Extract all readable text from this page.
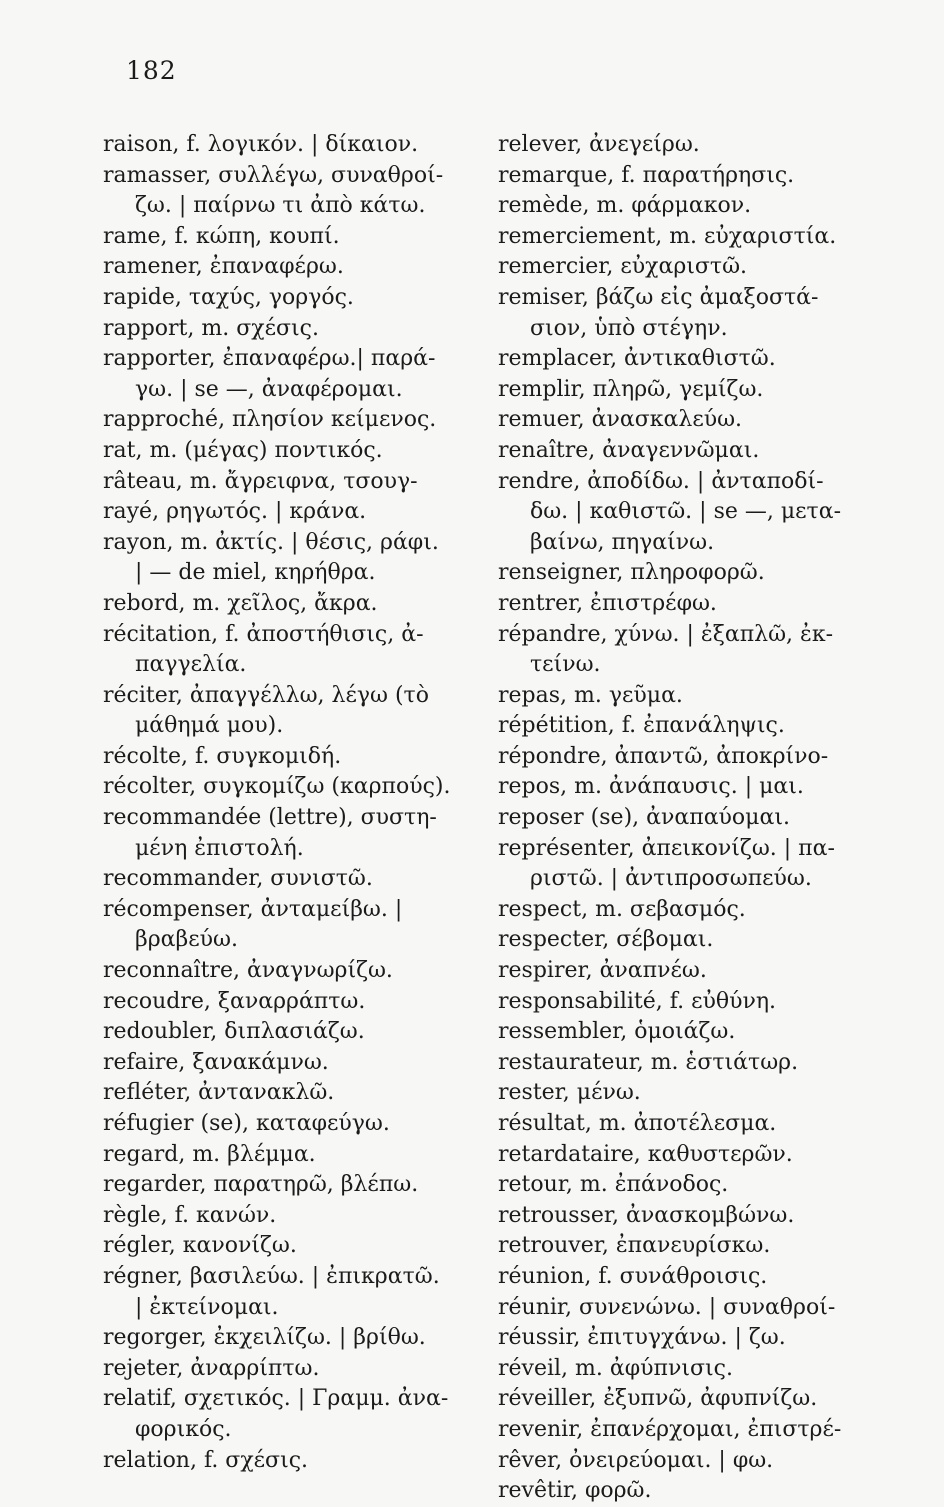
182
raison, f. λογικόν. | δίκαιον.
ramasser, συλλέγω, συναθροί-
ζω. | παίρνω τι ἀπὸ κάτω.
rame, f. κώπη, κουπί.
ramener, ἐπαναφέρω.
rapide, ταχύς, γοργός.
rapport, m. σχέσις.
rapporter, ἐπαναφέρω.| παρά-
γω. | se —, ἀναφέρομαι.
rapproché, πλησίον κείμενος.
rat, m. (μέγας) ποντικός.
râteau, m. ἄγρειφνα, τσουγ-
rayé, ρηγωτός. | κράνα.
rayon, m. ἀκτίς. | θέσις, ράφι.
| — de miel, κηρήθρα.
rebord, m. χεῖλος, ἄκρα.
récitation, f. ἀποστήθισις, ἀ-
παγγελία.
réciter, ἀπαγγέλλω, λέγω (τὸ
μάθημά μου).
récolte, f. συγκομιδή.
récolter, συγκομίζω (καρπούς).
recommandée (lettre), συστη-
μένη ἐπιστολή.
recommander, συνιστῶ.
récompenser, ἀνταμείβω. |
βραβεύω.
reconnaître, ἀναγνωρίζω.
recoudre, ξαναρράπτω.
redoubler, διπλασιάζω.
refaire, ξανακάμνω.
refléter, ἀντανακλῶ.
réfugier (se), καταφεύγω.
regard, m. βλέμμα.
regarder, παρατηρῶ, βλέπω.
règle, f. κανών.
régler, κανονίζω.
régner, βασιλεύω. | ἐπικρατῶ.
| ἐκτείνομαι.
regorger, ἐκχειλίζω. | βρίθω.
rejeter, ἀναρρίπτω.
relatif, σχετικός. | Γραμμ. ἀνα-
φορικός.
relation, f. σχέσις.
relever, ἀνεγείρω.
remarque, f. παρατήρησις.
remède, m. φάρμακον.
remerciement, m. εὐχαριστία.
remercier, εὐχαριστῶ.
remiser, βάζω εἰς ἀμαξοστά-
σιον, ὑπὸ στέγην.
remplacer, ἀντικαθιστῶ.
remplir, πληρῶ, γεμίζω.
remuer, ἀνασκαλεύω.
renaître, ἀναγεννῶμαι.
rendre, ἀποδίδω. | ἀνταποδί-
δω. | καθιστῶ. | se —, μετα-
βαίνω, πηγαίνω.
renseigner, πληροφορῶ.
rentrer, ἐπιστρέφω.
répandre, χύνω. | ἐξαπλῶ, ἐκ-
τείνω.
repas, m. γεῦμα.
répétition, f. ἐπανάληψις.
répondre, ἀπαντῶ, ἀποκρίνο-
repos, m. ἀνάπαυσις. | μαι.
reposer (se), ἀναπαύομαι.
représenter, ἀπεικονίζω. | πα-
ριστῶ. | ἀντιπροσωπεύω.
respect, m. σεβασμός.
respecter, σέβομαι.
respirer, ἀναπνέω.
responsabilité, f. εὐθύνη.
ressembler, ὁμοιάζω.
restaurateur, m. ἑστιάτωρ.
rester, μένω.
résultat, m. ἀποτέλεσμα.
retardataire, καθυστερῶν.
retour, m. ἐπάνοδος.
retrousser, ἀνασκομβώνω.
retrouver, ἐπανευρίσκω.
réunion, f. συνάθροισις.
réunir, συνενώνω. | συναθροί-
réussir, ἐπιτυγχάνω. | ζω.
réveil, m. ἀφύπνισις.
réveiller, ἐξυπνῶ, ἀφυπνίζω.
revenir, ἐπανέρχομαι, ἐπιστρέ-
rêver, ὀνειρεύομαι. | φω.
revêtir, φορῶ.
